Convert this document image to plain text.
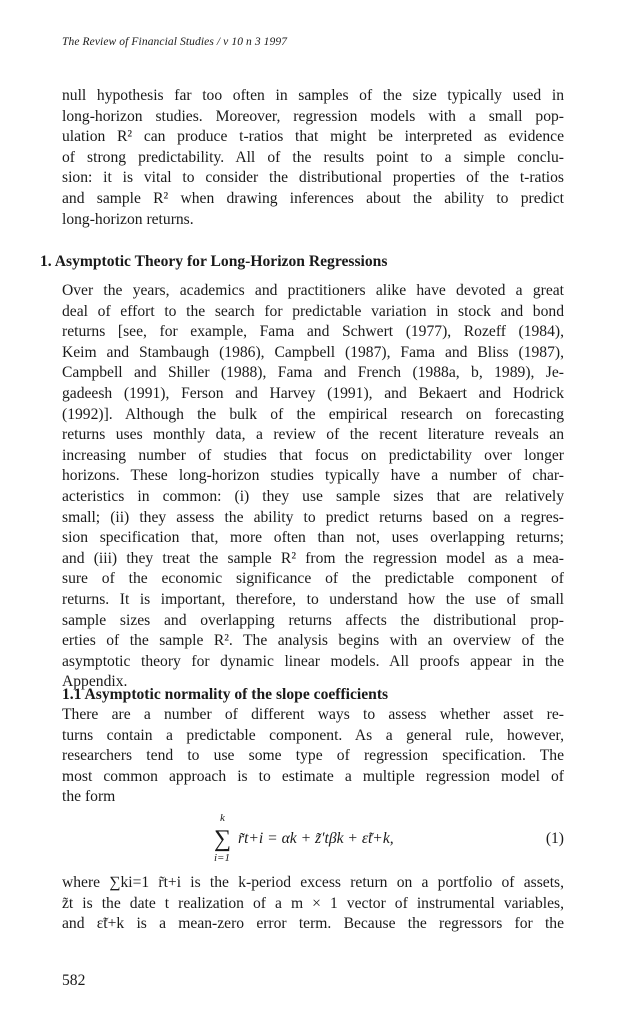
The Review of Financial Studies / v 10 n 3 1997
null hypothesis far too often in samples of the size typically used in
long-horizon studies. Moreover, regression models with a small pop-
ulation R² can produce t-ratios that might be interpreted as evidence
of strong predictability. All of the results point to a simple conclu-
sion: it is vital to consider the distributional properties of the t-ratios
and sample R² when drawing inferences about the ability to predict
long-horizon returns.
1. Asymptotic Theory for Long-Horizon Regressions
Over the years, academics and practitioners alike have devoted a great
deal of effort to the search for predictable variation in stock and bond
returns [see, for example, Fama and Schwert (1977), Rozeff (1984),
Keim and Stambaugh (1986), Campbell (1987), Fama and Bliss (1987),
Campbell and Shiller (1988), Fama and French (1988a, b, 1989), Je-
gadeesh (1991), Ferson and Harvey (1991), and Bekaert and Hodrick
(1992)]. Although the bulk of the empirical research on forecasting
returns uses monthly data, a review of the recent literature reveals an
increasing number of studies that focus on predictability over longer
horizons. These long-horizon studies typically have a number of char-
acteristics in common: (i) they use sample sizes that are relatively
small; (ii) they assess the ability to predict returns based on a regres-
sion specification that, more often than not, uses overlapping returns;
and (iii) they treat the sample R² from the regression model as a mea-
sure of the economic significance of the predictable component of
returns. It is important, therefore, to understand how the use of small
sample sizes and overlapping returns affects the distributional prop-
erties of the sample R². The analysis begins with an overview of the
asymptotic theory for dynamic linear models. All proofs appear in the
Appendix.
1.1 Asymptotic normality of the slope coefficients
There are a number of different ways to assess whether asset re-
turns contain a predictable component. As a general rule, however,
researchers tend to use some type of regression specification. The
most common approach is to estimate a multiple regression model of
the form
k
∑
i=1
r̃t+i = αk + z̃′tβk + ε̃t+k,	(1)
where ∑ki=1 r̃t+i is the k-period excess return on a portfolio of assets,
z̃t is the date t realization of a m × 1 vector of instrumental variables,
and ε̃t+k is a mean-zero error term. Because the regressors for the
582
